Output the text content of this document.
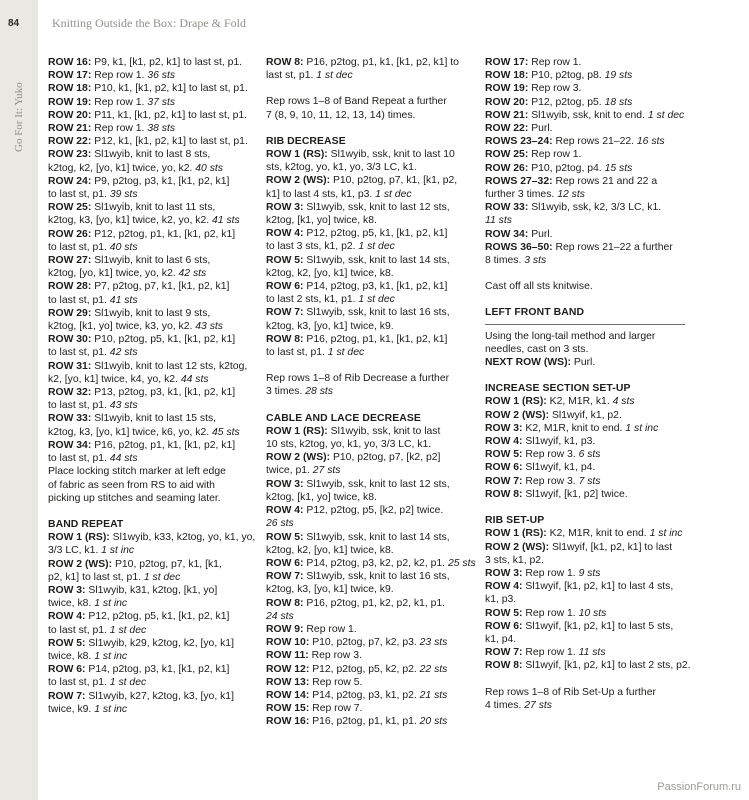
84	Knitting Outside the Box: Drape & Fold
Go For It: Yuko
ROW 16: P9, k1, [k1, p2, k1] to last st, p1.
ROW 17: Rep row 1. 36 sts
ROW 18: P10, k1, [k1, p2, k1] to last st, p1.
ROW 19: Rep row 1. 37 sts
ROW 20: P11, k1, [k1, p2, k1] to last st, p1.
ROW 21: Rep row 1. 38 sts
ROW 22: P12, k1, [k1, p2, k1] to last st, p1.
ROW 23: Sl1wyib, knit to last 8 sts,
k2tog, k2, [yo, k1] twice, yo, k2. 40 sts
ROW 24: P9, p2tog, p3, k1, [k1, p2, k1]
to last st, p1. 39 sts
ROW 25: Sl1wyib, knit to last 11 sts,
k2tog, k3, [yo, k1] twice, k2, yo, k2. 41 sts
ROW 26: P12, p2tog, p1, k1, [k1, p2, k1]
to last st, p1. 40 sts
ROW 27: Sl1wyib, knit to last 6 sts,
k2tog, [yo, k1] twice, yo, k2. 42 sts
ROW 28: P7, p2tog, p7, k1, [k1, p2, k1]
to last st, p1. 41 sts
ROW 29: Sl1wyib, knit to last 9 sts,
k2tog, [k1, yo] twice, k3, yo, k2. 43 sts
ROW 30: P10, p2tog, p5, k1, [k1, p2, k1]
to last st, p1. 42 sts
ROW 31: Sl1wyib, knit to last 12 sts, k2tog,
k2, [yo, k1] twice, k4, yo, k2. 44 sts
ROW 32: P13, p2tog, p3, k1, [k1, p2, k1]
to last st, p1. 43 sts
ROW 33: Sl1wyib, knit to last 15 sts,
k2tog, k3, [yo, k1] twice, k6, yo, k2. 45 sts
ROW 34: P16, p2tog, p1, k1, [k1, p2, k1]
to last st, p1. 44 sts
Place locking stitch marker at left edge
of fabric as seen from RS to aid with
picking up stitches and seaming later.
BAND REPEAT
ROW 1 (RS): Sl1wyib, k33, k2tog, yo, k1, yo,
3/3 LC, k1. 1 st inc
ROW 2 (WS): P10, p2tog, p7, k1, [k1,
p2, k1] to last st, p1. 1 st dec
ROW 3: Sl1wyib, k31, k2tog, [k1, yo]
twice, k8. 1 st inc
ROW 4: P12, p2tog, p5, k1, [k1, p2, k1]
to last st, p1. 1 st dec
ROW 5: Sl1wyib, k29, k2tog, k2, [yo, k1]
twice, k8. 1 st inc
ROW 6: P14, p2tog, p3, k1, [k1, p2, k1]
to last st, p1. 1 st dec
ROW 7: Sl1wyib, k27, k2tog, k3, [yo, k1]
twice, k9. 1 st inc
ROW 8: P16, p2tog, p1, k1, [k1, p2, k1] to
last st, p1. 1 st dec
Rep rows 1–8 of Band Repeat a further
7 (8, 9, 10, 11, 12, 13, 14) times.
RIB DECREASE
ROW 1 (RS): Sl1wyib, ssk, knit to last 10
sts, k2tog, yo, k1, yo, 3/3 LC, k1.
ROW 2 (WS): P10, p2tog, p7, k1, [k1, p2,
k1] to last 4 sts, k1, p3. 1 st dec
ROW 3: Sl1wyib, ssk, knit to last 12 sts,
k2tog, [k1, yo] twice, k8.
ROW 4: P12, p2tog, p5, k1, [k1, p2, k1]
to last 3 sts, k1, p2. 1 st dec
ROW 5: Sl1wyib, ssk, knit to last 14 sts,
k2tog, k2, [yo, k1] twice, k8.
ROW 6: P14, p2tog, p3, k1, [k1, p2, k1]
to last 2 sts, k1, p1. 1 st dec
ROW 7: Sl1wyib, ssk, knit to last 16 sts,
k2tog, k3, [yo, k1] twice, k9.
ROW 8: P16, p2tog, p1, k1, [k1, p2, k1]
to last st, p1. 1 st dec
Rep rows 1–8 of Rib Decrease a further
3 times. 28 sts
CABLE AND LACE DECREASE
ROW 1 (RS): Sl1wyib, ssk, knit to last
10 sts, k2tog, yo, k1, yo, 3/3 LC, k1.
ROW 2 (WS): P10, p2tog, p7, [k2, p2]
twice, p1. 27 sts
ROW 3: Sl1wyib, ssk, knit to last 12 sts,
k2tog, [k1, yo] twice, k8.
ROW 4: P12, p2tog, p5, [k2, p2] twice.
26 sts
ROW 5: Sl1wyib, ssk, knit to last 14 sts,
k2tog, k2, [yo, k1] twice, k8.
ROW 6: P14, p2tog, p3, k2, p2, k2, p1. 25 sts
ROW 7: Sl1wyib, ssk, knit to last 16 sts,
k2tog, k3, [yo, k1] twice, k9.
ROW 8: P16, p2tog, p1, k2, p2, k1, p1.
24 sts
ROW 9: Rep row 1.
ROW 10: P10, p2tog, p7, k2, p3. 23 sts
ROW 11: Rep row 3.
ROW 12: P12, p2tog, p5, k2, p2. 22 sts
ROW 13: Rep row 5.
ROW 14: P14, p2tog, p3, k1, p2. 21 sts
ROW 15: Rep row 7.
ROW 16: P16, p2tog, p1, k1, p1. 20 sts
ROW 17: Rep row 1.
ROW 18: P10, p2tog, p8. 19 sts
ROW 19: Rep row 3.
ROW 20: P12, p2tog, p5. 18 sts
ROW 21: Sl1wyib, ssk, knit to end. 1 st dec
ROW 22: Purl.
ROWS 23–24: Rep rows 21–22. 16 sts
ROW 25: Rep row 1.
ROW 26: P10, p2tog, p4. 15 sts
ROWS 27–32: Rep rows 21 and 22 a
further 3 times. 12 sts
ROW 33: Sl1wyib, ssk, k2, 3/3 LC, k1.
11 sts
ROW 34: Purl.
ROWS 36–50: Rep rows 21–22 a further
8 times. 3 sts
Cast off all sts knitwise.
LEFT FRONT BAND
Using the long-tail method and larger
needles, cast on 3 sts.
NEXT ROW (WS): Purl.
INCREASE SECTION SET-UP
ROW 1 (RS): K2, M1R, k1. 4 sts
ROW 2 (WS): Sl1wyif, k1, p2.
ROW 3: K2, M1R, knit to end. 1 st inc
ROW 4: Sl1wyif, k1, p3.
ROW 5: Rep row 3. 6 sts
ROW 6: Sl1wyif, k1, p4.
ROW 7: Rep row 3. 7 sts
ROW 8: Sl1wyif, [k1, p2] twice.
RIB SET-UP
ROW 1 (RS): K2, M1R, knit to end. 1 st inc
ROW 2 (WS): Sl1wyif, [k1, p2, k1] to last
3 sts, k1, p2.
ROW 3: Rep row 1. 9 sts
ROW 4: Sl1wyif, [k1, p2, k1] to last 4 sts,
k1, p3.
ROW 5: Rep row 1. 10 sts
ROW 6: Sl1wyif, [k1, p2, k1] to last 5 sts,
k1, p4.
ROW 7: Rep row 1. 11 sts
ROW 8: Sl1wyif, [k1, p2, k1] to last 2 sts, p2.
Rep rows 1–8 of Rib Set-Up a further
4 times. 27 sts
PassionForum.ru
